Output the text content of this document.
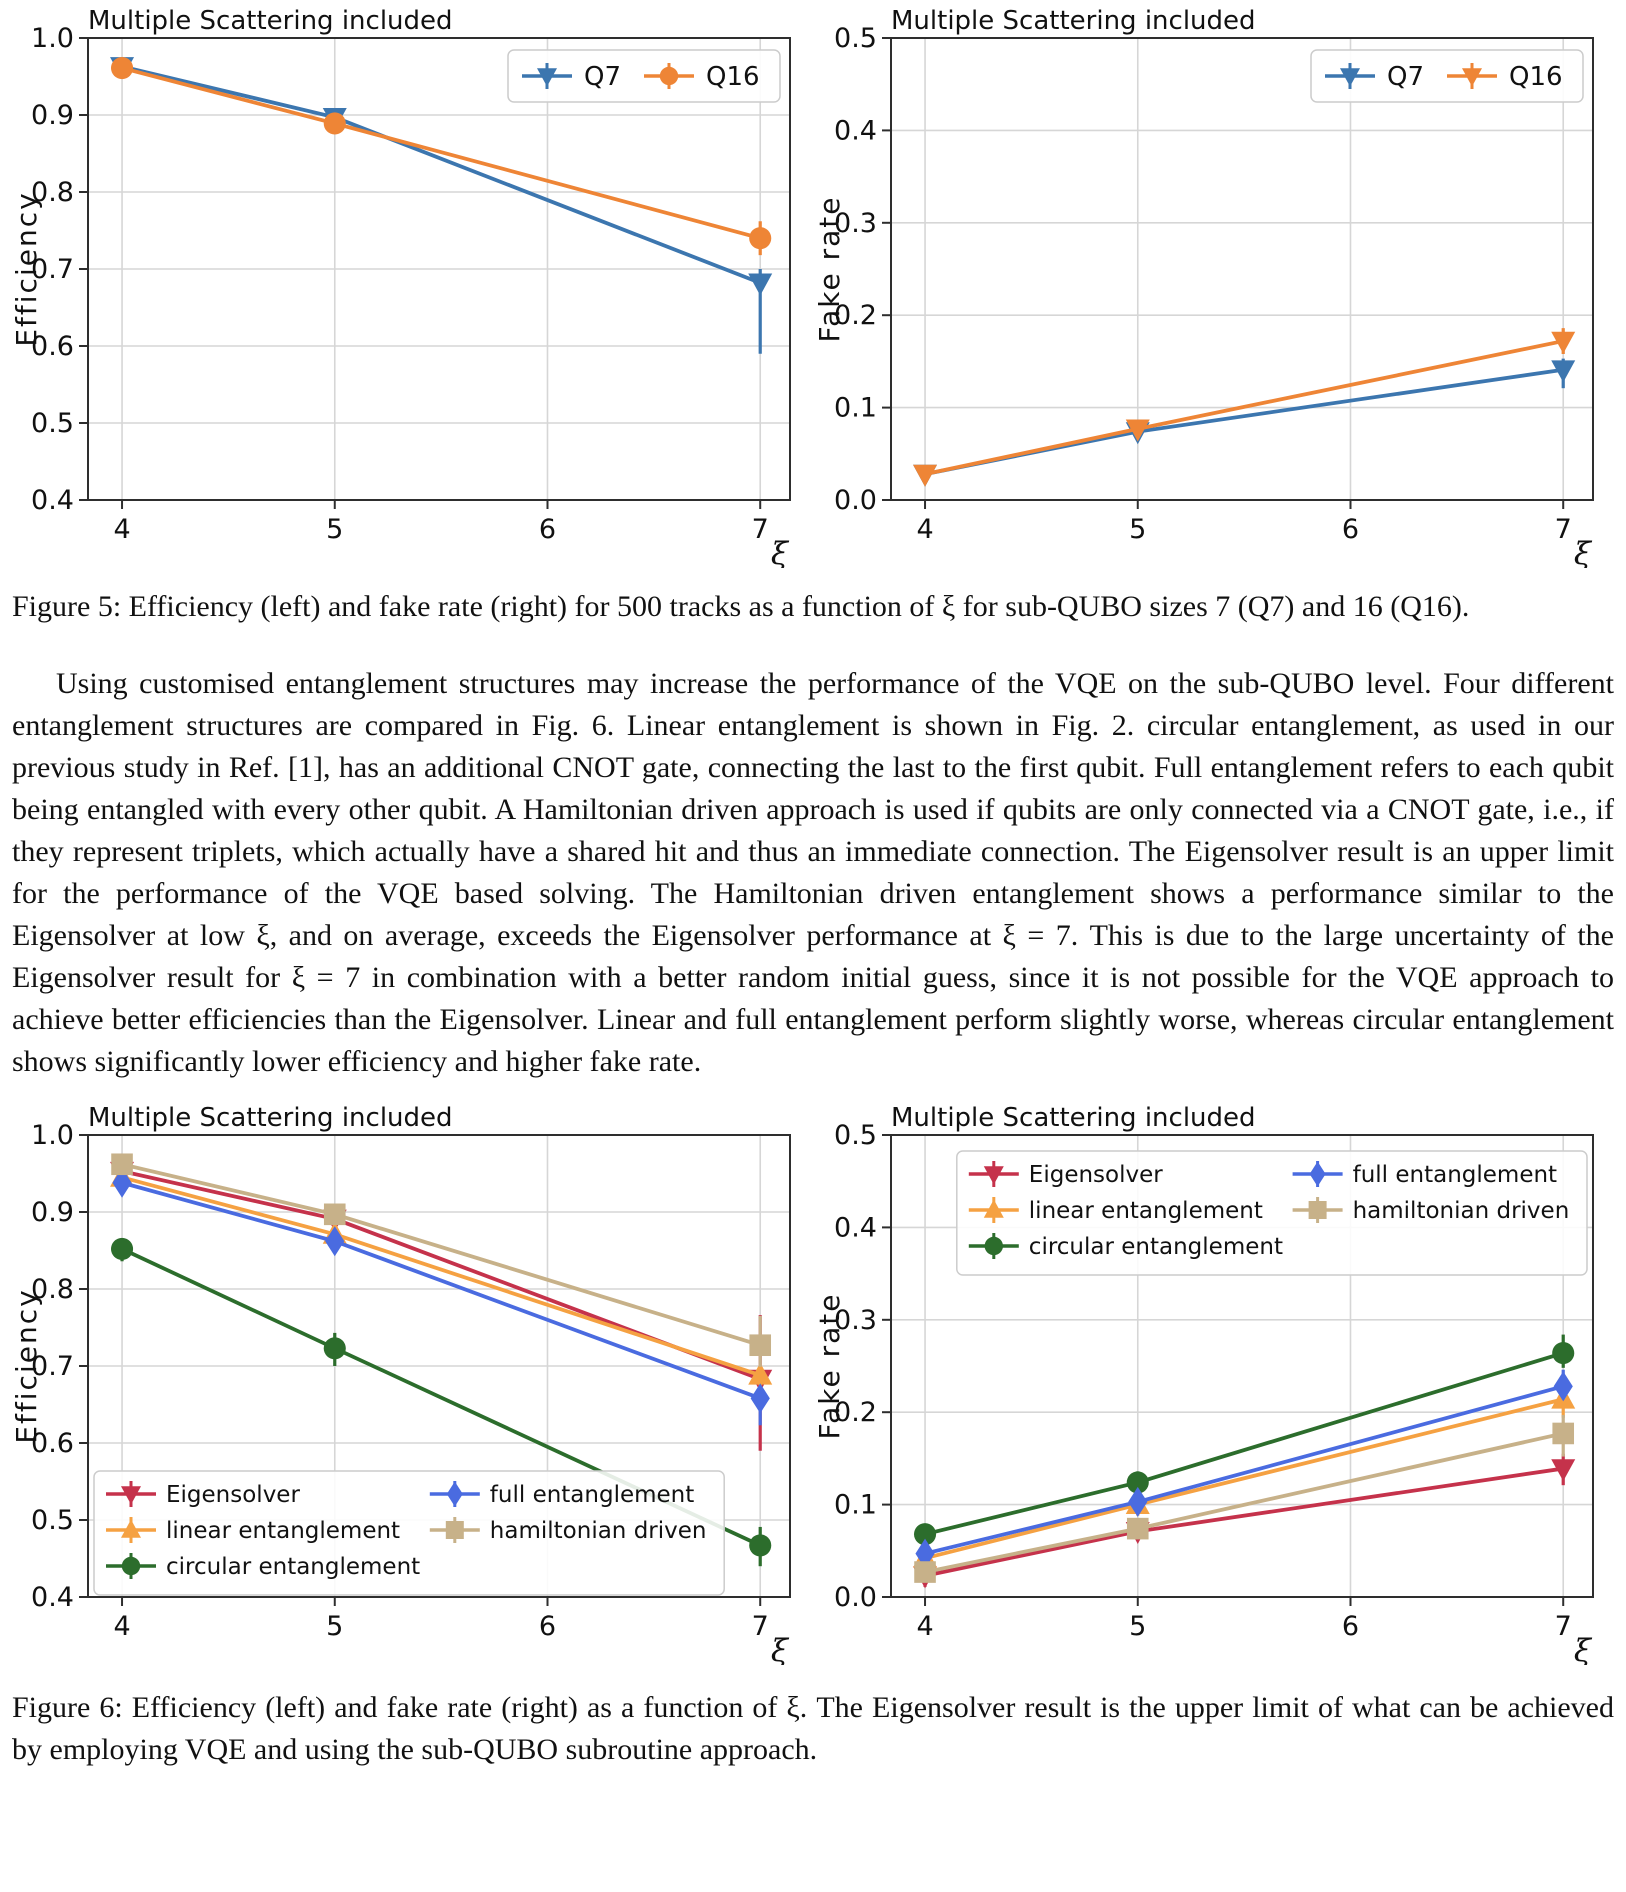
4	5	6	7
0.4
0.5
0.6
0.7
0.8
0.9
1.0
Multiple Scattering included
Efficiency
ξ
Q7	Q16
4	5	6	7
0.0
0.1
0.2
0.3
0.4
0.5
Multiple Scattering included
Fake rate
ξ
Q7	Q16

Figure 5: Efficiency (left) and fake rate (right) for 500 tracks as a function of ξ for sub-QUBO sizes 7 (Q7) and 16 (Q16).

Using customised entanglement structures may increase the performance of the VQE on the sub-QUBO level. Four different entanglement structures are compared in Fig. 6. Linear entanglement is shown in Fig. 2. circular entanglement, as used in our previous study in Ref. [1], has an additional CNOT gate, connecting the last to the first qubit. Full entanglement refers to each qubit being entangled with every other qubit. A Hamiltonian driven approach is used if qubits are only connected via a CNOT gate, i.e., if they represent triplets, which actually have a shared hit and thus an immediate connection. The Eigensolver result is an upper limit for the performance of the VQE based solving. The Hamiltonian driven entanglement shows a performance similar to the Eigensolver at low ξ, and on average, exceeds the Eigensolver performance at ξ = 7. This is due to the large uncertainty of the Eigensolver result for ξ = 7 in combination with a better random initial guess, since it is not possible for the VQE approach to achieve better efficiencies than the Eigensolver. Linear and full entanglement perform slightly worse, whereas circular entanglement shows significantly lower efficiency and higher fake rate.

4	5	6	7
0.4
0.5
0.6
0.7
0.8
0.9
1.0
Multiple Scattering included
Efficiency
ξ
Eigensolver
linear entanglement
circular entanglement
full entanglement
hamiltonian driven
4	5	6	7
0.0
0.1
0.2
0.3
0.4
0.5
Multiple Scattering included
Fake rate
ξ
Eigensolver
linear entanglement
circular entanglement
full entanglement
hamiltonian driven

Figure 6: Efficiency (left) and fake rate (right) as a function of ξ. The Eigensolver result is the upper limit of what can be achieved by employing VQE and using the sub-QUBO subroutine approach.
